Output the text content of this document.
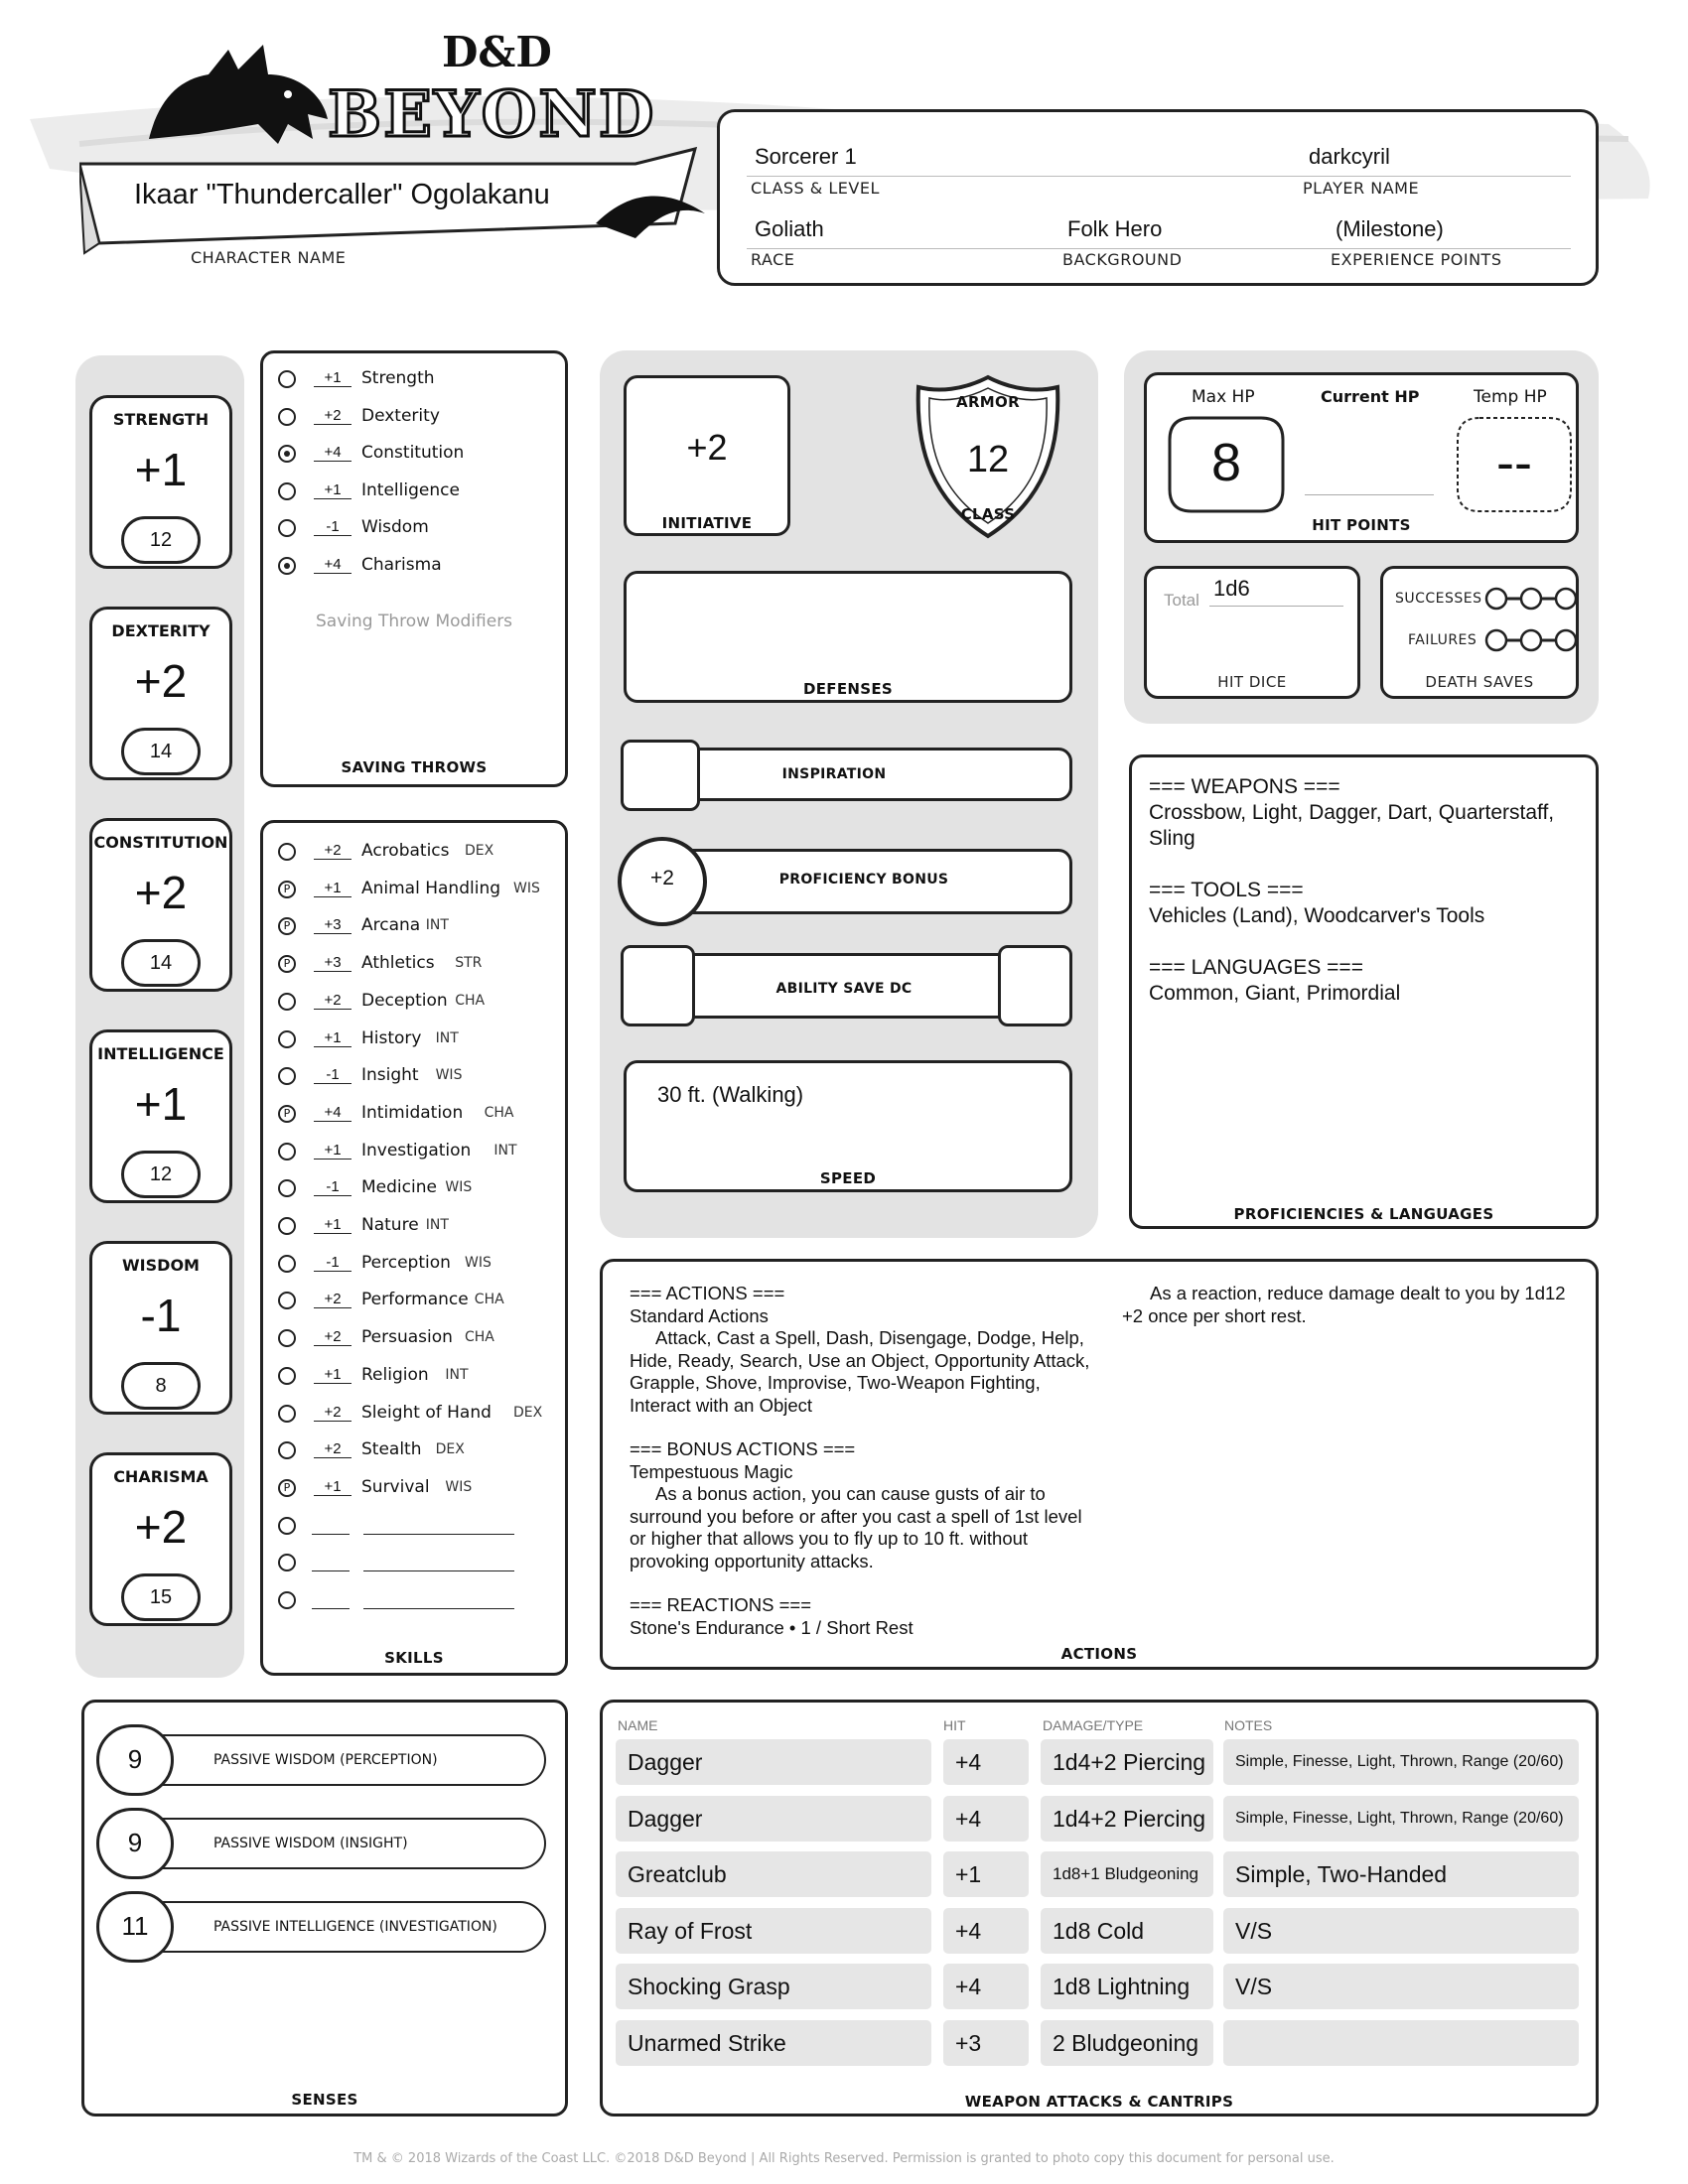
D&D
BEYOND
Ikaar "Thundercaller" Ogolakanu
CHARACTER NAME
Sorcerer 1
CLASS & LEVEL
darkcyril
PLAYER NAME
Goliath
RACE
Folk Hero
BACKGROUND
(Milestone)
EXPERIENCE POINTS
STRENGTH
+1
12
DEXTERITY
+2
14
CONSTITUTION
+2
14
INTELLIGENCE
+1
12
WISDOM
-1
8
CHARISMA
+2
15
+1	Strength
+2	Dexterity
+4	Constitution
+1	Intelligence
-1	Wisdom
+4	Charisma
Saving Throw Modifiers
SAVING THROWS
+2	Acrobatics DEX
P	+1	Animal Handling WIS
P	+3	Arcana INT
P	+3	Athletics STR
+2	Deception CHA
+1	History INT
-1	Insight WIS
P	+4	Intimidation CHA
+1	Investigation INT
-1	Medicine WIS
+1	Nature INT
-1	Perception WIS
+2	Performance CHA
+2	Persuasion CHA
+1	Religion INT
+2	Sleight of Hand DEX
+2	Stealth DEX
P	+1	Survival WIS
SKILLS
+2
INITIATIVE
ARMOR
12
CLASS
DEFENSES
INSPIRATION
+2	PROFICIENCY BONUS
ABILITY SAVE DC
30 ft. (Walking)
SPEED
Max HP	Current HP	Temp HP
8	--
HIT POINTS
Total 1d6
HIT DICE
SUCCESSES
FAILURES
DEATH SAVES
=== WEAPONS ===
Crossbow, Light, Dagger, Dart, Quarterstaff, Sling
=== TOOLS ===
Vehicles (Land), Woodcarver's Tools
=== LANGUAGES ===
Common, Giant, Primordial
PROFICIENCIES & LANGUAGES
=== ACTIONS ===
Standard Actions
Attack, Cast a Spell, Dash, Disengage, Dodge, Help, Hide, Ready, Search, Use an Object, Opportunity Attack, Grapple, Shove, Improvise, Two-Weapon Fighting, Interact with an Object
=== BONUS ACTIONS ===
Tempestuous Magic
As a bonus action, you can cause gusts of air to surround you before or after you cast a spell of 1st level or higher that allows you to fly up to 10 ft. without provoking opportunity attacks.
=== REACTIONS ===
Stone's Endurance • 1 / Short Rest
As a reaction, reduce damage dealt to you by 1d12 +2 once per short rest.
ACTIONS
9	PASSIVE WISDOM (PERCEPTION)
9	PASSIVE WISDOM (INSIGHT)
11	PASSIVE INTELLIGENCE (INVESTIGATION)
SENSES
NAME	HIT	DAMAGE/TYPE	NOTES
Dagger	+4	1d4+2 Piercing	Simple, Finesse, Light, Thrown, Range (20/60)
Dagger	+4	1d4+2 Piercing	Simple, Finesse, Light, Thrown, Range (20/60)
Greatclub	+1	1d8+1 Bludgeoning	Simple, Two-Handed
Ray of Frost	+4	1d8 Cold	V/S
Shocking Grasp	+4	1d8 Lightning	V/S
Unarmed Strike	+3	2 Bludgeoning
WEAPON ATTACKS & CANTRIPS
TM & © 2018 Wizards of the Coast LLC. ©2018 D&D Beyond | All Rights Reserved. Permission is granted to photo copy this document for personal use.
